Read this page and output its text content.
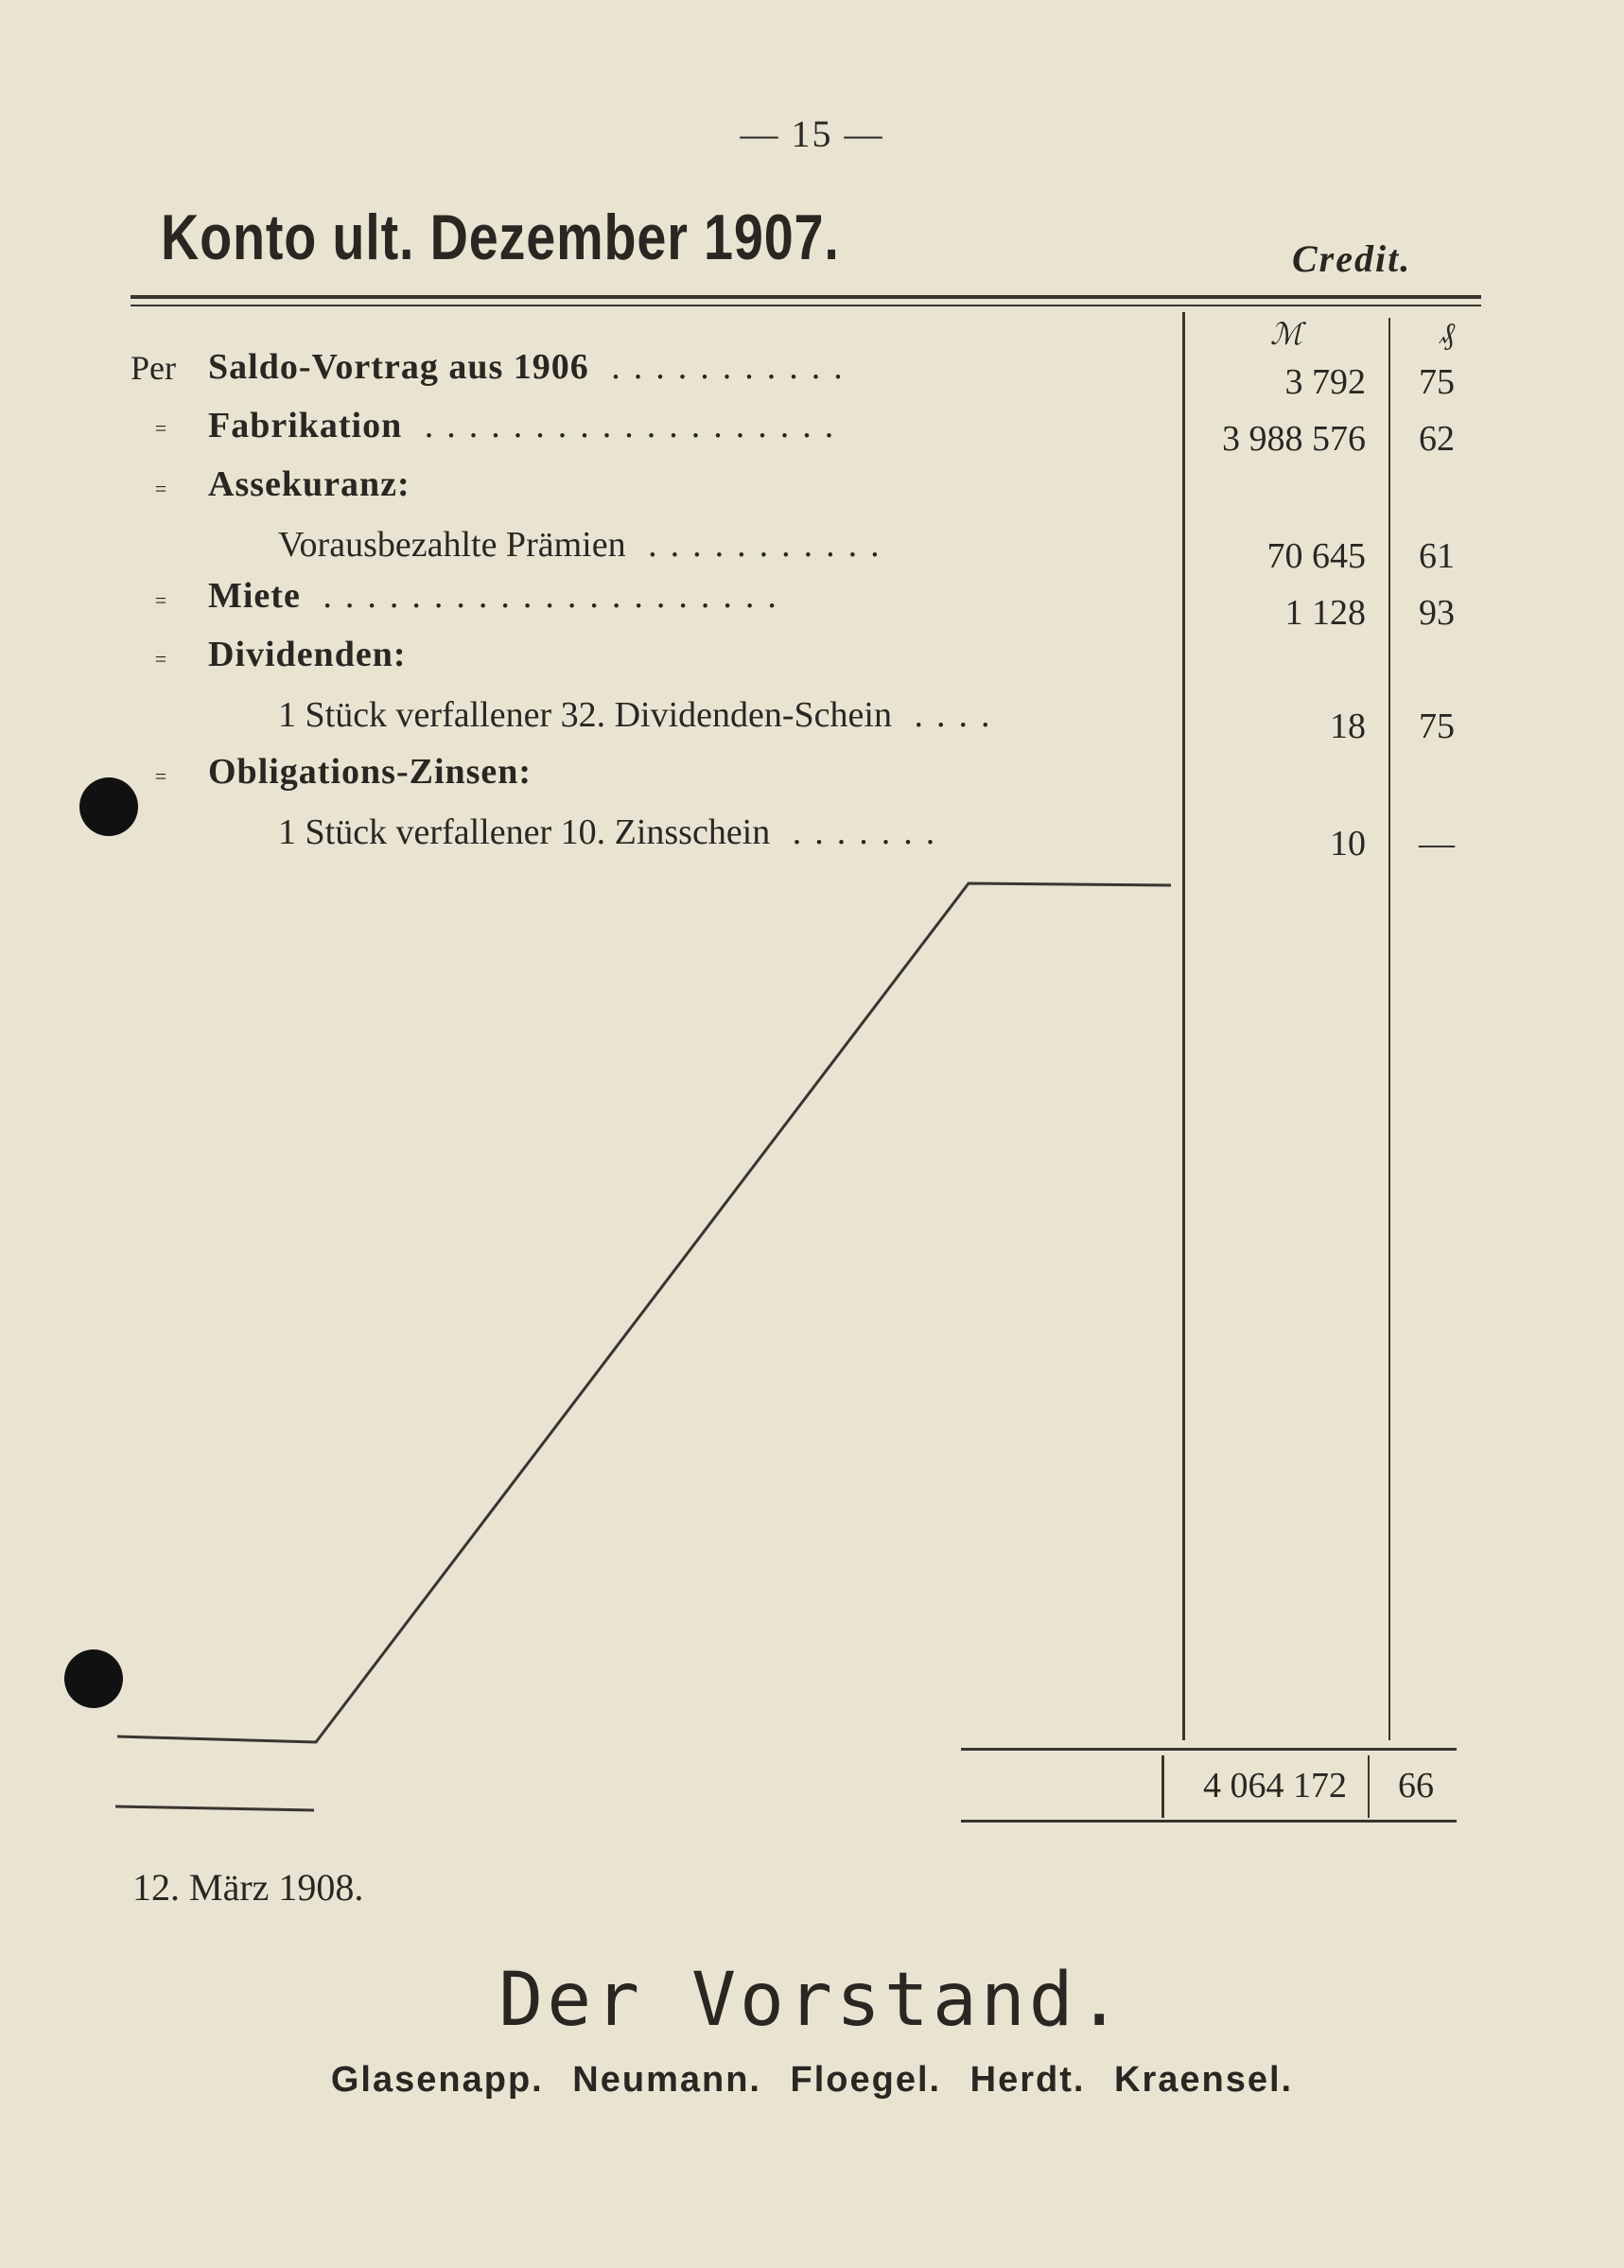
— 15 —
Konto ult. Dezember 1907.	Credit.
ℳ	₰
Per Saldo-Vortrag aus 1906 ...........	3 792	75
=	Fabrikation ...................	3 988 576	62
=	Assekuranz:
Vorausbezahlte Prämien ...........	70 645	61
=	Miete .....................	1 128	93
=	Dividenden:
1 Stück verfallener 32. Dividenden-Schein ....	18	75
=	Obligations-Zinsen:
1 Stück verfallener 10. Zinsschein .......	10	—
4 064 172	66
12. März 1908.
Der Vorstand.
Glasenapp. Neumann. Floegel. Herdt. Kraensel.
